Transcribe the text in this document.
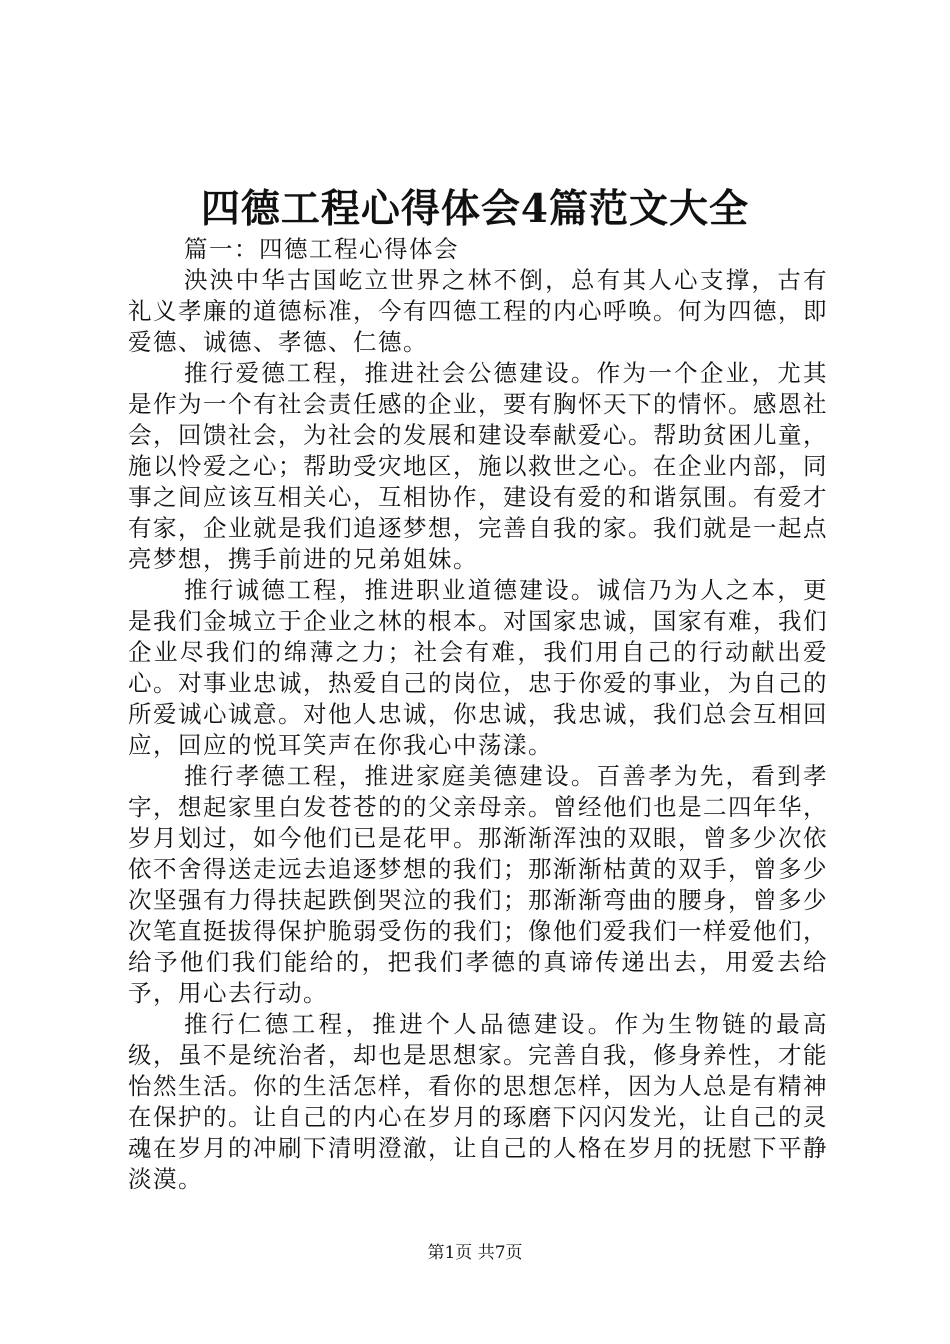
四德工程心得体会4篇范文大全

篇一：四德工程心得体会

泱泱中华古国屹立世界之林不倒，总有其人心支撑，古有礼义孝廉的道德标准，今有四德工程的内心呼唤。何为四德，即爱德、诚德、孝德、仁德。

推行爱德工程，推进社会公德建设。作为一个企业，尤其是作为一个有社会责任感的企业，要有胸怀天下的情怀。感恩社会，回馈社会，为社会的发展和建设奉献爱心。帮助贫困儿童，施以怜爱之心；帮助受灾地区，施以救世之心。在企业内部，同事之间应该互相关心，互相协作，建设有爱的和谐氛围。有爱才有家，企业就是我们追逐梦想，完善自我的家。我们就是一起点亮梦想，携手前进的兄弟姐妹。

推行诚德工程，推进职业道德建设。诚信乃为人之本，更是我们金城立于企业之林的根本。对国家忠诚，国家有难，我们企业尽我们的绵薄之力；社会有难，我们用自己的行动献出爱心。对事业忠诚，热爱自己的岗位，忠于你爱的事业，为自己的所爱诚心诚意。对他人忠诚，你忠诚，我忠诚，我们总会互相回应，回应的悦耳笑声在你我心中荡漾。

推行孝德工程，推进家庭美德建设。百善孝为先，看到孝字，想起家里白发苍苍的的父亲母亲。曾经他们也是二四年华，岁月划过，如今他们已是花甲。那渐渐浑浊的双眼，曾多少次依依不舍得送走远去追逐梦想的我们；那渐渐枯黄的双手，曾多少次坚强有力得扶起跌倒哭泣的我们；那渐渐弯曲的腰身，曾多少次笔直挺拔得保护脆弱受伤的我们；像他们爱我们一样爱他们，给予他们我们能给的，把我们孝德的真谛传递出去，用爱去给予，用心去行动。

推行仁德工程，推进个人品德建设。作为生物链的最高级，虽不是统治者，却也是思想家。完善自我，修身养性，才能怡然生活。你的生活怎样，看你的思想怎样，因为人总是有精神在保护的。让自己的内心在岁月的琢磨下闪闪发光，让自己的灵魂在岁月的冲刷下清明澄澈，让自己的人格在岁月的抚慰下平静淡漠。

第1页 共7页
